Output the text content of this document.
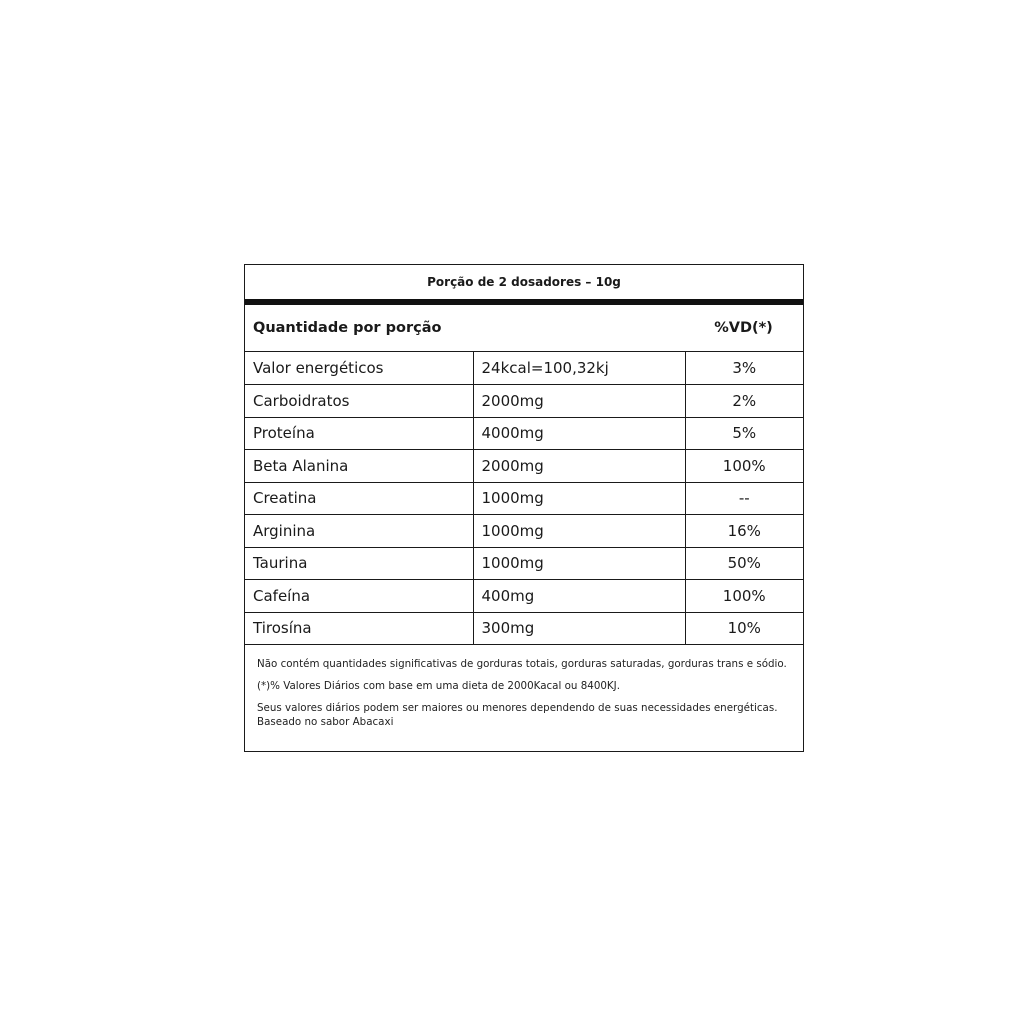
Porção de 2 dosadores – 10g
Quantidade por porção	%VD(*)
Valor energéticos	24kcal=100,32kj	3%
Carboidratos	2000mg	2%
Proteína	4000mg	5%
Beta Alanina	2000mg	100%
Creatina	1000mg	--
Arginina	1000mg	16%
Taurina	1000mg	50%
Cafeína	400mg	100%
Tirosína	300mg	10%

Não contém quantidades significativas de gorduras totais, gorduras saturadas, gorduras trans e sódio.

(*)% Valores Diários com base em uma dieta de 2000Kacal ou 8400KJ.

Seus valores diários podem ser maiores ou menores dependendo de suas necessidades energéticas.

Baseado no sabor Abacaxi
